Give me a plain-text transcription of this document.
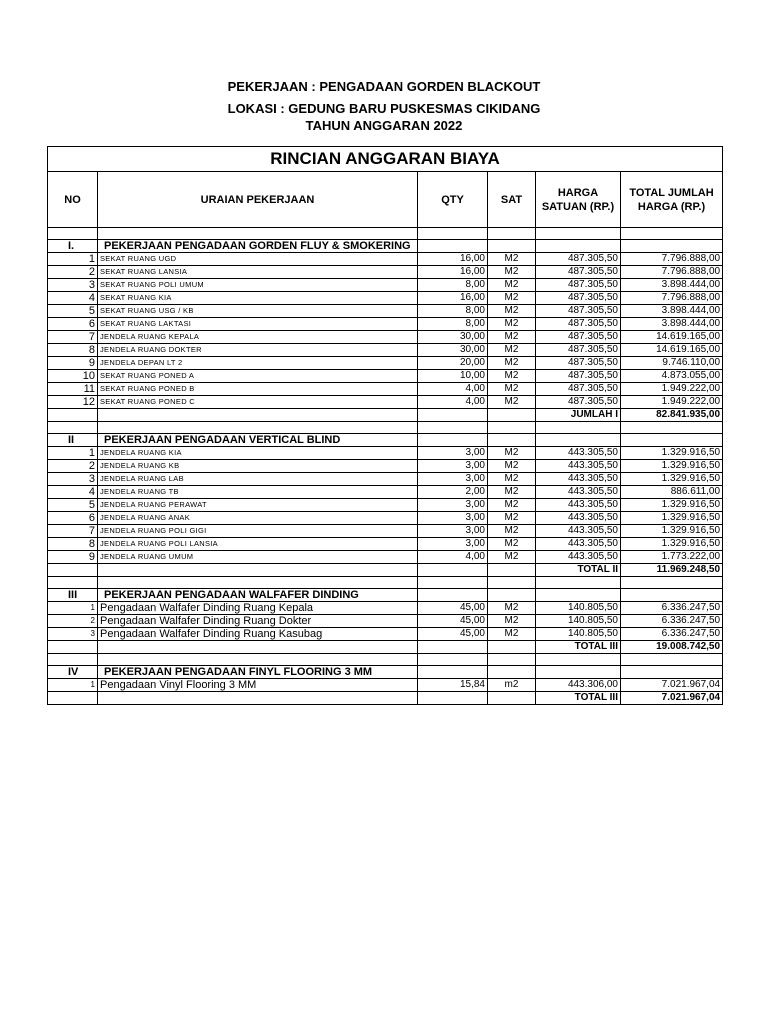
PEKERJAAN : PENGADAAN GORDEN BLACKOUT
LOKASI : GEDUNG BARU PUSKESMAS CIKIDANG
TAHUN ANGGARAN 2022
RINCIAN ANGGARAN BIAYA					
NO	URAIAN PEKERJAAN	QTY	SAT	HARGA SATUAN (RP.)	TOTAL JUMLAH HARGA (RP.)

I.	PEKERJAAN PENGADAAN GORDEN FLUY & SMOKERING				
1	SEKAT RUANG UGD	16,00	M2	487.305,50	7.796.888,00
2	SEKAT RUANG LANSIA	16,00	M2	487.305,50	7.796.888,00
3	SEKAT RUANG POLI UMUM	8,00	M2	487.305,50	3.898.444,00
4	SEKAT RUANG KIA	16,00	M2	487.305,50	7.796.888,00
5	SEKAT RUANG USG / KB	8,00	M2	487.305,50	3.898.444,00
6	SEKAT RUANG LAKTASI	8,00	M2	487.305,50	3.898.444,00
7	JENDELA RUANG KEPALA	30,00	M2	487.305,50	14.619.165,00
8	JENDELA RUANG DOKTER	30,00	M2	487.305,50	14.619.165,00
9	JENDELA DEPAN LT 2	20,00	M2	487.305,50	9.746.110,00
10	SEKAT RUANG PONED A	10,00	M2	487.305,50	4.873.055,00
11	SEKAT RUANG PONED B	4,00	M2	487.305,50	1.949.222,00
12	SEKAT RUANG PONED C	4,00	M2	487.305,50	1.949.222,00
				JUMLAH I	82.841.935,00

II	PEKERJAAN PENGADAAN VERTICAL BLIND				
1	JENDELA RUANG KIA	3,00	M2	443.305,50	1.329.916,50
2	JENDELA RUANG KB	3,00	M2	443.305,50	1.329.916,50
3	JENDELA RUANG LAB	3,00	M2	443.305,50	1.329.916,50
4	JENDELA RUANG TB	2,00	M2	443.305,50	886.611,00
5	JENDELA RUANG PERAWAT	3,00	M2	443.305,50	1.329.916,50
6	JENDELA RUANG ANAK	3,00	M2	443.305,50	1.329.916,50
7	JENDELA RUANG POLI GIGI	3,00	M2	443.305,50	1.329.916,50
8	JENDELA RUANG POLI LANSIA	3,00	M2	443.305,50	1.329.916,50
9	JENDELA RUANG UMUM	4,00	M2	443.305,50	1.773.222,00
				TOTAL II	11.969.248,50

III	PEKERJAAN PENGADAAN WALFAFER DINDING				
1	Pengadaan Walfafer Dinding Ruang Kepala	45,00	M2	140.805,50	6.336.247,50
2	Pengadaan Walfafer Dinding Ruang Dokter	45,00	M2	140.805,50	6.336.247,50
3	Pengadaan Walfafer Dinding Ruang Kasubag	45,00	M2	140.805,50	6.336.247,50
				TOTAL III	19.008.742,50

IV	PEKERJAAN PENGADAAN FINYL FLOORING 3 MM				
1	Pengadaan Vinyl Flooring 3 MM	15,84	m2	443.306,00	7.021.967,04
				TOTAL III	7.021.967,04
